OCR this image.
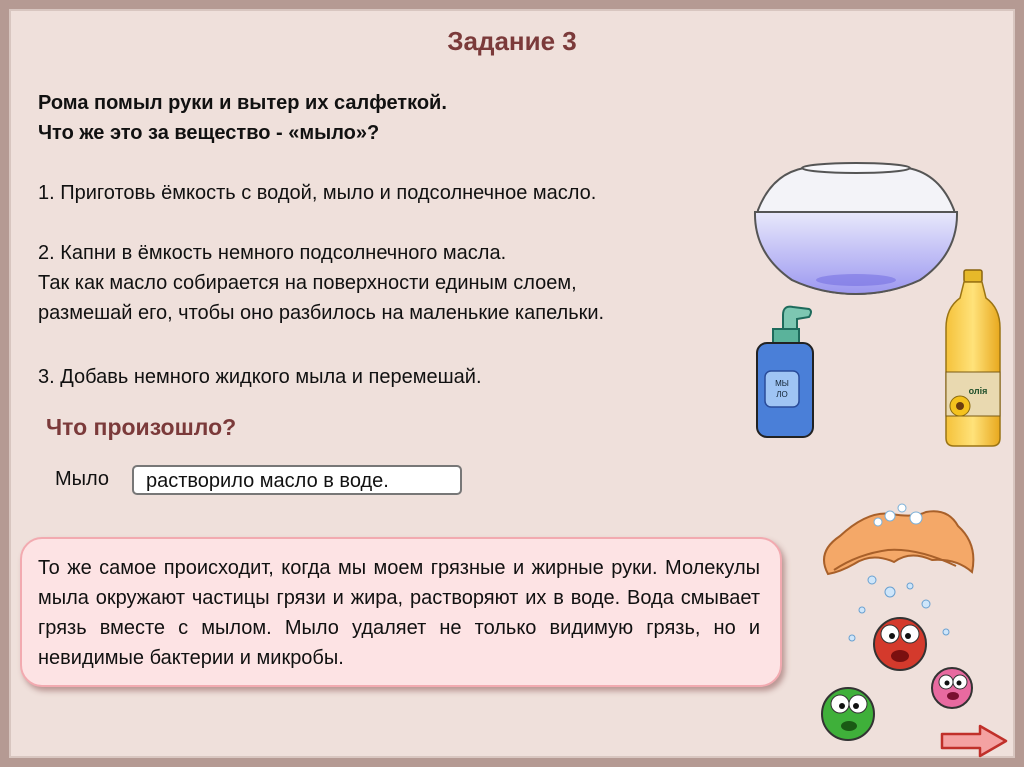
Задание 3
Рома помыл руки и вытер их салфеткой.
Что же это за вещество - «мыло»?
1. Приготовь ёмкость с водой, мыло и подсолнечное масло.
2. Капни в ёмкость немного подсолнечного масла.
Так как масло собирается на поверхности единым слоем,
размешай его, чтобы оно разбилось на маленькие капельки.
3. Добавь немного жидкого мыла и перемешай.
Что произошло?
Мыло	растворило масло в воде.
То же самое происходит, когда мы моем грязные и жирные руки. Молекулы мыла окружают частицы грязи и жира, растворяют их в воде. Вода смывает грязь вместе с мылом. Мыло удаляет не только видимую грязь, но и невидимые бактерии и микробы.
МЫ
ЛО	олія
